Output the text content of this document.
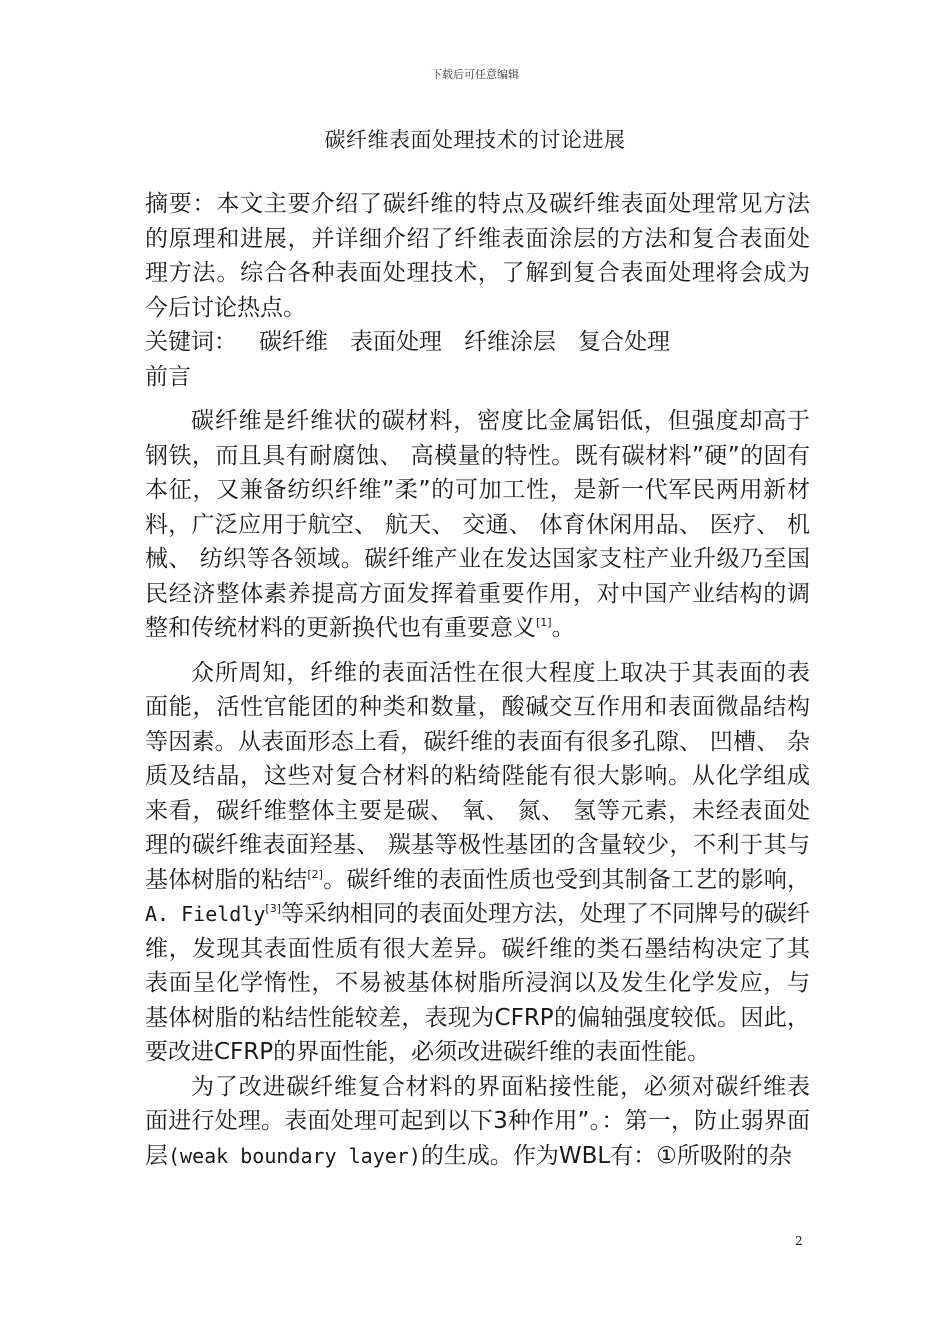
下载后可任意编辑
碳纤维表面处理技术的讨论进展

摘要：本文主要介绍了碳纤维的特点及碳纤维表面处理常见方法的原理和进展，并详细介绍了纤维表面涂层的方法和复合表面处理方法。综合各种表面处理技术，了解到复合表面处理将会成为今后讨论热点。

关键词： 碳纤维 表面处理 纤维涂层 复合处理

前言

碳纤维是纤维状的碳材料，密度比金属铝低，但强度却高于钢铁，而且具有耐腐蚀、 高模量的特性。既有碳材料”硬”的固有本征，又兼备纺织纤维”柔”的可加工性，是新一代军民两用新材料，广泛应用于航空、 航天、 交通、 体育休闲用品、 医疗、 机械、 纺织等各领域。碳纤维产业在发达国家支柱产业升级乃至国民经济整体素养提高方面发挥着重要作用，对中国产业结构的调整和传统材料的更新换代也有重要意义[1]。

众所周知，纤维的表面活性在很大程度上取决于其表面的表面能，活性官能团的种类和数量，酸碱交互作用和表面微晶结构等因素。从表面形态上看，碳纤维的表面有很多孔隙、 凹槽、 杂质及结晶，这些对复合材料的粘绮陛能有很大影响。从化学组成来看，碳纤维整体主要是碳、 氧、 氮、 氢等元素，未经表面处理的碳纤维表面羟基、 羰基等极性基团的含量较少，不利于其与基体树脂的粘结[2]。碳纤维的表面性质也受到其制备工艺的影响，A. Fieldly[3]等采纳相同的表面处理方法，处理了不同牌号的碳纤维，发现其表面性质有很大差异。碳纤维的类石墨结构决定了其表面呈化学惰性，不易被基体树脂所浸润以及发生化学发应，与基体树脂的粘结性能较差，表现为CFRP的偏轴强度较低。因此，要改进CFRP的界面性能，必须改进碳纤维的表面性能。

为了改进碳纤维复合材料的界面粘接性能，必须对碳纤维表面进行处理。表面处理可起到以下3种作用”。：第一，防止弱界面层(weak boundary layer)的生成。作为WBL有：①所吸附的杂

2
